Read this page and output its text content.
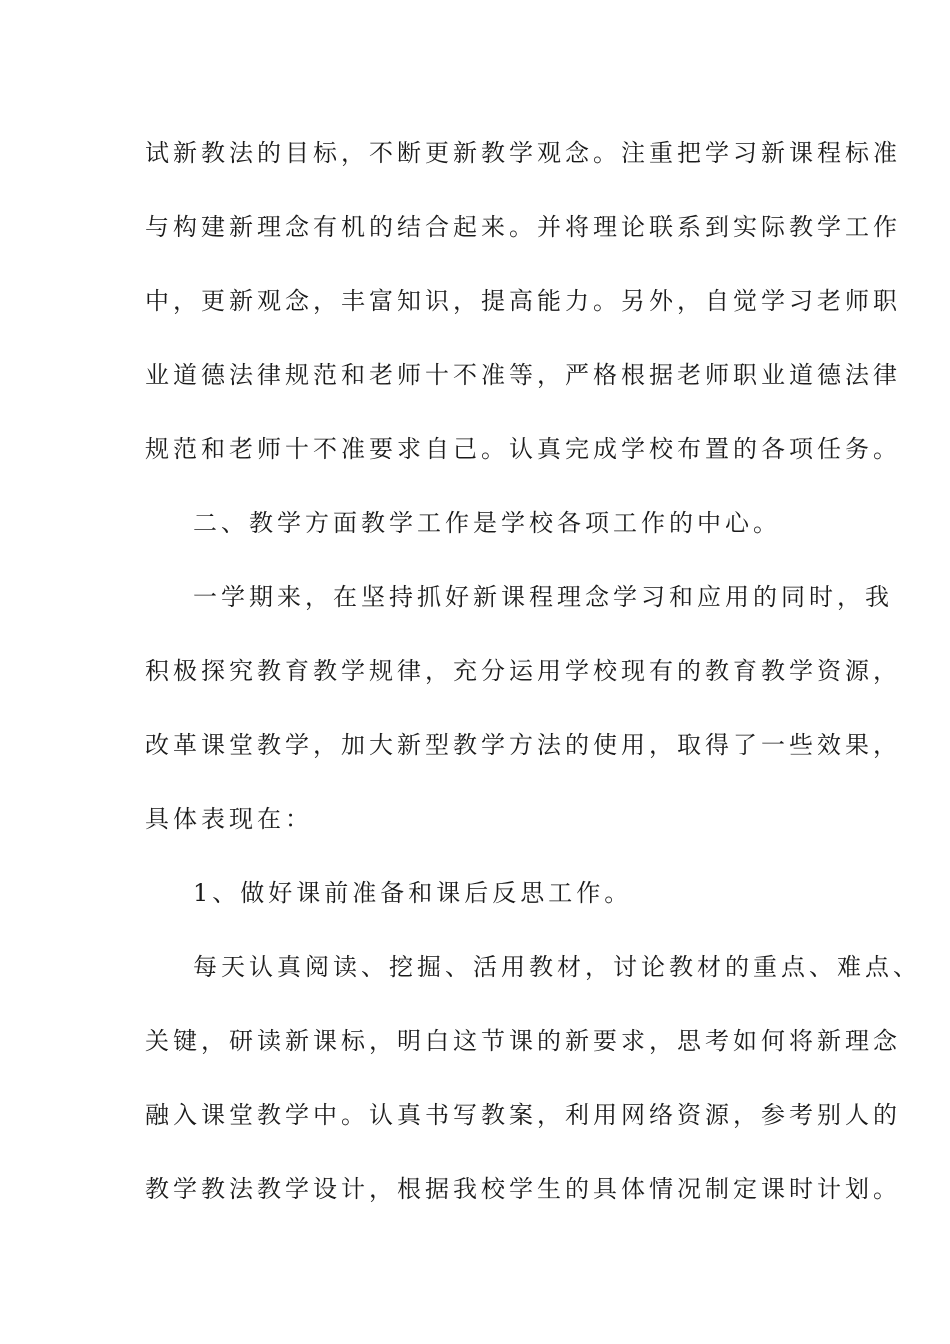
试新教法的目标，不断更新教学观念。注重把学习新课程标准
与构建新理念有机的结合起来。并将理论联系到实际教学工作
中，更新观念，丰富知识，提高能力。另外，自觉学习老师职
业道德法律规范和老师十不准等，严格根据老师职业道德法律
规范和老师十不准要求自己。认真完成学校布置的各项任务。
二、教学方面教学工作是学校各项工作的中心。
一学期来，在坚持抓好新课程理念学习和应用的同时，我
积极探究教育教学规律，充分运用学校现有的教育教学资源，
改革课堂教学，加大新型教学方法的使用，取得了一些效果，
具体表现在：
1、做好课前准备和课后反思工作。
每天认真阅读、挖掘、活用教材，讨论教材的重点、难点、
关键，研读新课标，明白这节课的新要求，思考如何将新理念
融入课堂教学中。认真书写教案，利用网络资源，参考别人的
教学教法教学设计，根据我校学生的具体情况制定课时计划。
